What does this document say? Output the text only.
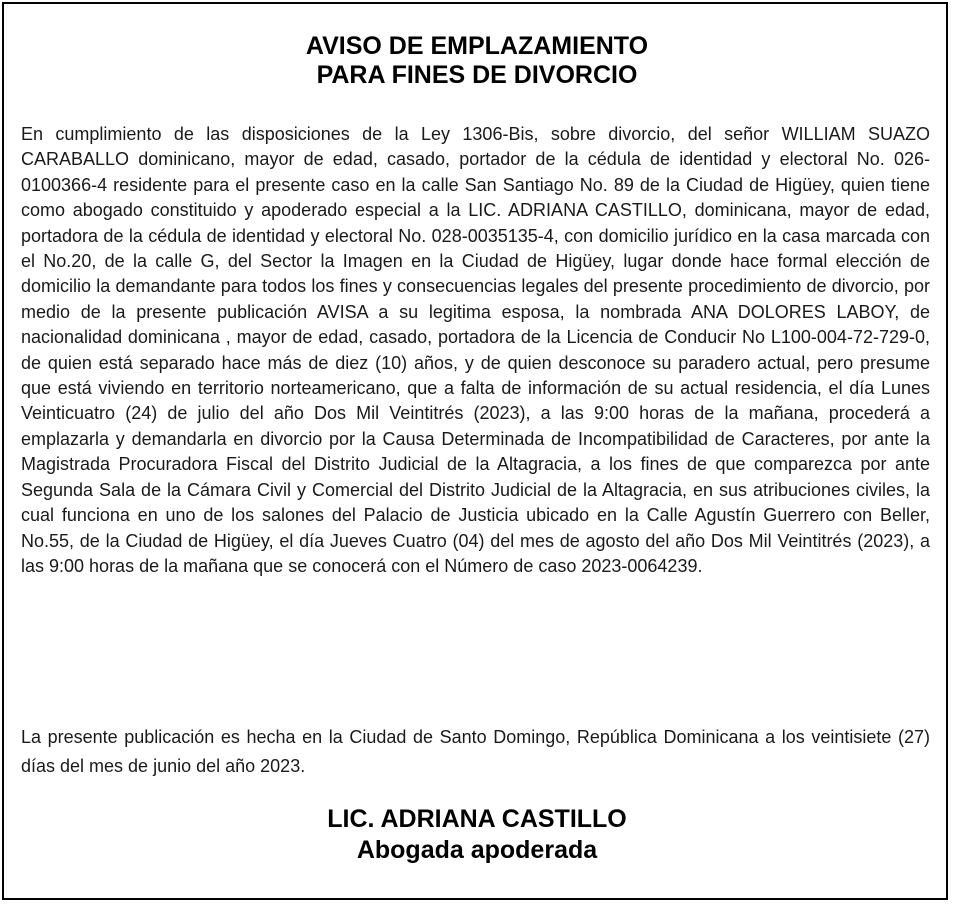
AVISO DE EMPLAZAMIENTO
PARA FINES DE DIVORCIO

En cumplimiento de las disposiciones de la Ley 1306-Bis, sobre divorcio, del señor WILLIAM SUAZO CARABALLO dominicano, mayor de edad, casado, portador de la cédula de identidad y electoral No. 026-0100366-4 residente para el presente caso en la calle San Santiago No. 89 de la Ciudad de Higüey, quien tiene como abogado constituido y apoderado especial a la LIC. ADRIANA CASTILLO, dominicana, mayor de edad, portadora de la cédula de identidad y electoral No. 028-0035135-4, con domicilio jurídico en la casa marcada con el No.20, de la calle G, del Sector la Imagen en la Ciudad de Higüey, lugar donde hace formal elección de domicilio la demandante para todos los fines y consecuencias legales del presente procedimiento de divorcio, por medio de la presente publicación AVISA a su legitima esposa, la nombrada ANA DOLORES LABOY, de nacionalidad dominicana , mayor de edad, casado, portadora de la Licencia de Conducir No L100-004-72-729-0, de quien está separado hace más de diez (10) años, y de quien desconoce su paradero actual, pero presume que está viviendo en territorio norteamericano, que a falta de información de su actual residencia, el día Lunes Veinticuatro (24) de julio del año Dos Mil Veintitrés (2023), a las 9:00 horas de la mañana, procederá a emplazarla y demandarla en divorcio por la Causa Determinada de Incompatibilidad de Caracteres, por ante la Magistrada Procuradora Fiscal del Distrito Judicial de la Altagracia, a los fines de que comparezca por ante Segunda Sala de la Cámara Civil y Comercial del Distrito Judicial de la Altagracia, en sus atribuciones civiles, la cual funciona en uno de los salones del Palacio de Justicia ubicado en la Calle Agustín Guerrero con Beller, No.55, de la Ciudad de Higüey, el día Jueves Cuatro (04) del mes de agosto del año Dos Mil Veintitrés (2023), a las 9:00 horas de la mañana que se conocerá con el Número de caso 2023-0064239.

La presente publicación es hecha en la Ciudad de Santo Domingo, República Dominicana a los veintisiete (27) días del mes de junio del año 2023.

LIC. ADRIANA CASTILLO
Abogada apoderada
